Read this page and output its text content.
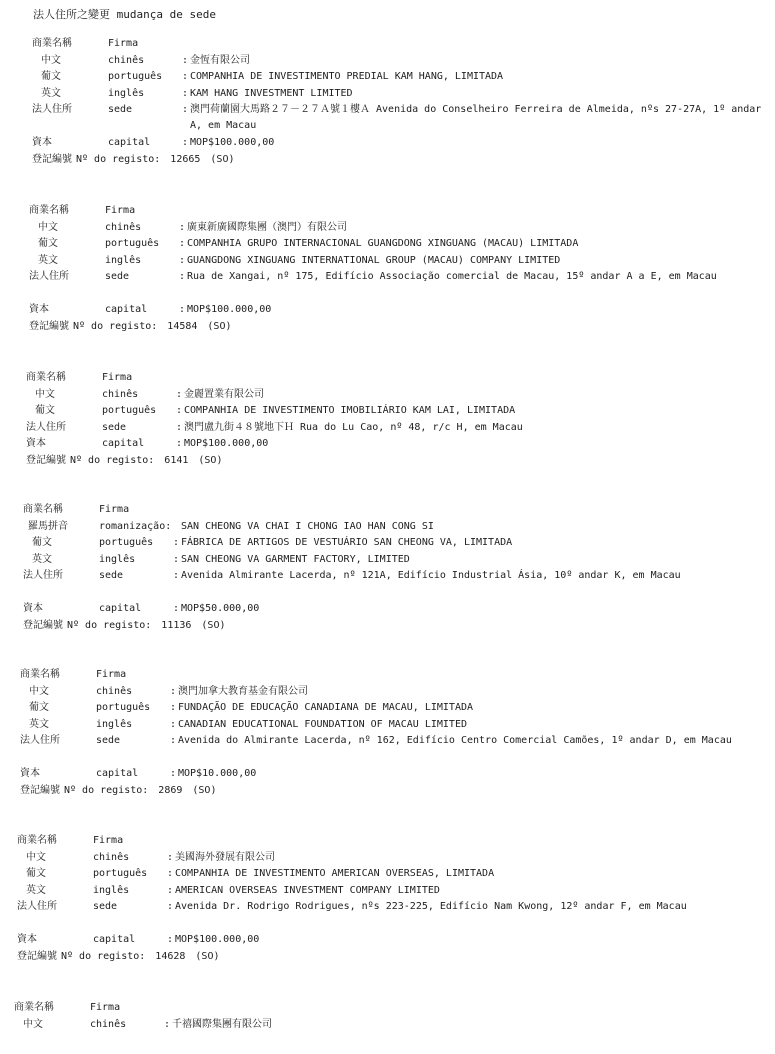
法人住所之變更 mudança de sede
商業名稱	Firma
中文	chinês	: 金恆有限公司
葡文	português : COMPANHIA DE INVESTIMENTO PREDIAL KAM HANG, LIMITADA
英文	inglês	: KAM HANG INVESTMENT LIMITED
法人住所	sede	: 澳門荷蘭園大馬路２７－２７Ａ號１樓Ａ Avenida do Conselheiro Ferreira de Almeida, nºs 27-27A, 1º andar A, em Macau
資本	capital	: MOP$100.000,00
登記編號 Nº do registo: 12665 (SO)
商業名稱	Firma
中文	chinês	: 廣東新廣國際集團（澳門）有限公司
葡文	português : COMPANHIA GRUPO INTERNACIONAL GUANGDONG XINGUANG (MACAU) LIMITADA
英文	inglês	: GUANGDONG XINGUANG INTERNATIONAL GROUP (MACAU) COMPANY LIMITED
法人住所	sede	: Rua de Xangai, nº 175, Edifício Associação comercial de Macau, 15º andar A a E, em Macau
資本	capital	: MOP$100.000,00
登記編號 Nº do registo: 14584 (SO)
商業名稱	Firma
中文	chinês	: 金麗置業有限公司
葡文	português : COMPANHIA DE INVESTIMENTO IMOBILIÁRIO KAM LAI, LIMITADA
法人住所	sede	: 澳門盧九街４８號地下Ｈ Rua do Lu Cao, nº 48, r/c H, em Macau
資本	capital	: MOP$100.000,00
登記編號 Nº do registo: 6141 (SO)
商業名稱	Firma
羅馬拼音	romanização: SAN CHEONG VA CHAI I CHONG IAO HAN CONG SI
葡文	português : FÁBRICA DE ARTIGOS DE VESTUÁRIO SAN CHEONG VA, LIMITADA
英文	inglês	: SAN CHEONG VA GARMENT FACTORY, LIMITED
法人住所	sede	: Avenida Almirante Lacerda, nº 121A, Edifício Industrial Ásia, 10º andar K, em Macau
資本	capital	: MOP$50.000,00
登記編號 Nº do registo: 11136 (SO)
商業名稱	Firma
中文	chinês	: 澳門加拿大教育基金有限公司
葡文	português : FUNDAÇÃO DE EDUCAÇÃO CANADIANA DE MACAU, LIMITADA
英文	inglês	: CANADIAN EDUCATIONAL FOUNDATION OF MACAU LIMITED
法人住所	sede	: Avenida do Almirante Lacerda, nº 162, Edifício Centro Comercial Camões, 1º andar D, em Macau
資本	capital	: MOP$10.000,00
登記編號 Nº do registo: 2869 (SO)
商業名稱	Firma
中文	chinês	: 美國海外發展有限公司
葡文	português : COMPANHIA DE INVESTIMENTO AMERICAN OVERSEAS, LIMITADA
英文	inglês	: AMERICAN OVERSEAS INVESTMENT COMPANY LIMITED
法人住所	sede	: Avenida Dr. Rodrigo Rodrigues, nºs 223-225, Edifício Nam Kwong, 12º andar F, em Macau
資本	capital	: MOP$100.000,00
登記編號 Nº do registo: 14628 (SO)
商業名稱	Firma
中文	chinês	: 千禧國際集團有限公司
